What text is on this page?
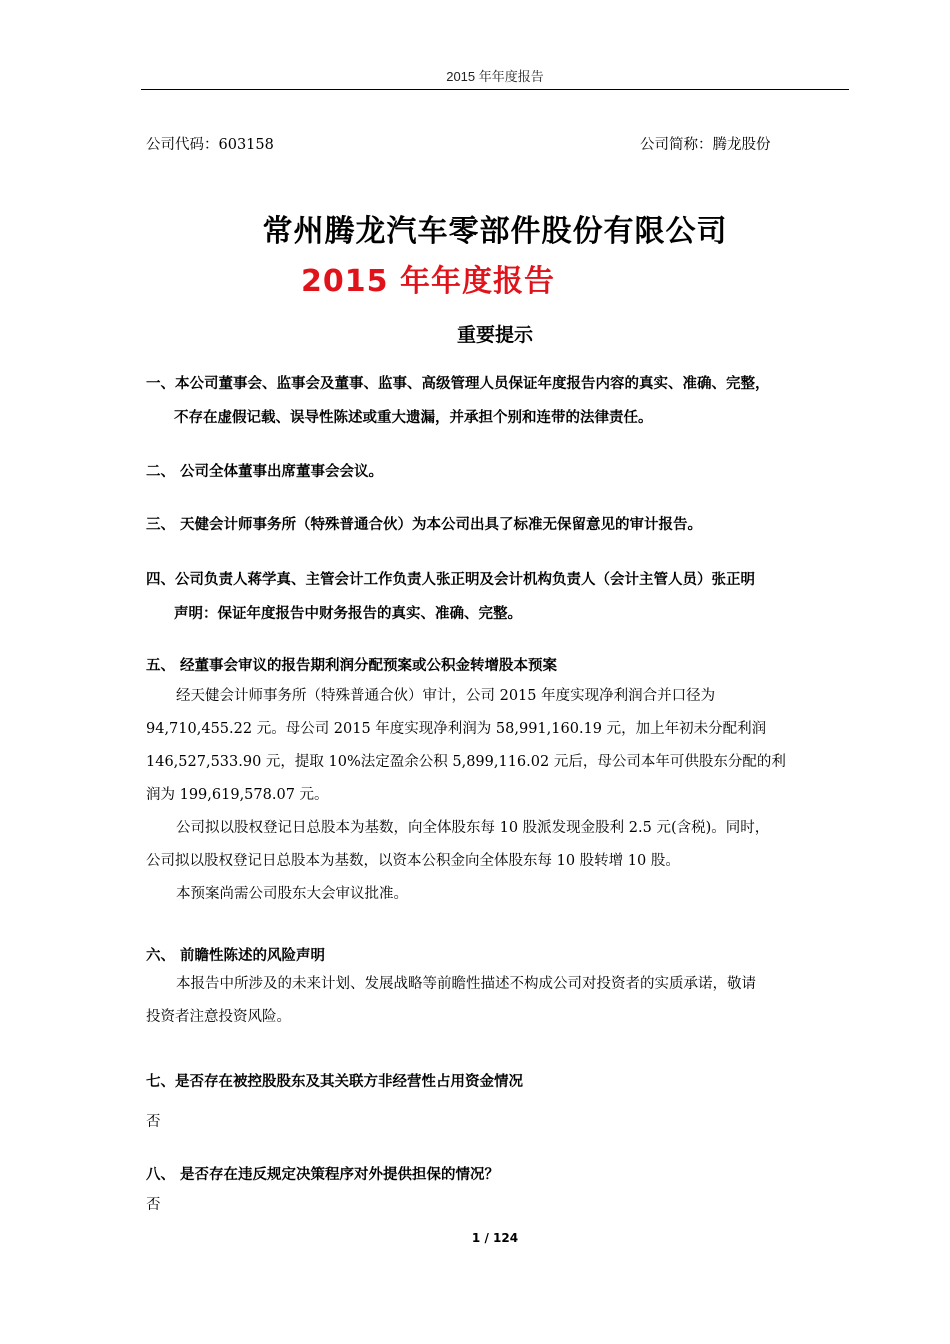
2015 年年度报告
公司代码：603158	公司简称：腾龙股份
常州腾龙汽车零部件股份有限公司
2015 年年度报告
重要提示
一、本公司董事会、监事会及董事、监事、高级管理人员保证年度报告内容的真实、准确、完整，
不存在虚假记载、误导性陈述或重大遗漏，并承担个别和连带的法律责任。
二、 公司全体董事出席董事会会议。
三、 天健会计师事务所（特殊普通合伙）为本公司出具了标准无保留意见的审计报告。
四、公司负责人蒋学真、主管会计工作负责人张正明及会计机构负责人（会计主管人员）张正明
声明：保证年度报告中财务报告的真实、准确、完整。
五、 经董事会审议的报告期利润分配预案或公积金转增股本预案
经天健会计师事务所（特殊普通合伙）审计，公司 2015 年度实现净利润合并口径为
94,710,455.22 元。母公司 2015 年度实现净利润为 58,991,160.19 元，加上年初未分配利润
146,527,533.90 元，提取 10%法定盈余公积 5,899,116.02 元后，母公司本年可供股东分配的利
润为 199,619,578.07 元。
公司拟以股权登记日总股本为基数，向全体股东每 10 股派发现金股利 2.5 元(含税)。同时，
公司拟以股权登记日总股本为基数，以资本公积金向全体股东每 10 股转增 10 股。
本预案尚需公司股东大会审议批准。
六、 前瞻性陈述的风险声明
本报告中所涉及的未来计划、发展战略等前瞻性描述不构成公司对投资者的实质承诺，敬请
投资者注意投资风险。
七、是否存在被控股股东及其关联方非经营性占用资金情况
否
八、 是否存在违反规定决策程序对外提供担保的情况？
否
1 / 124
